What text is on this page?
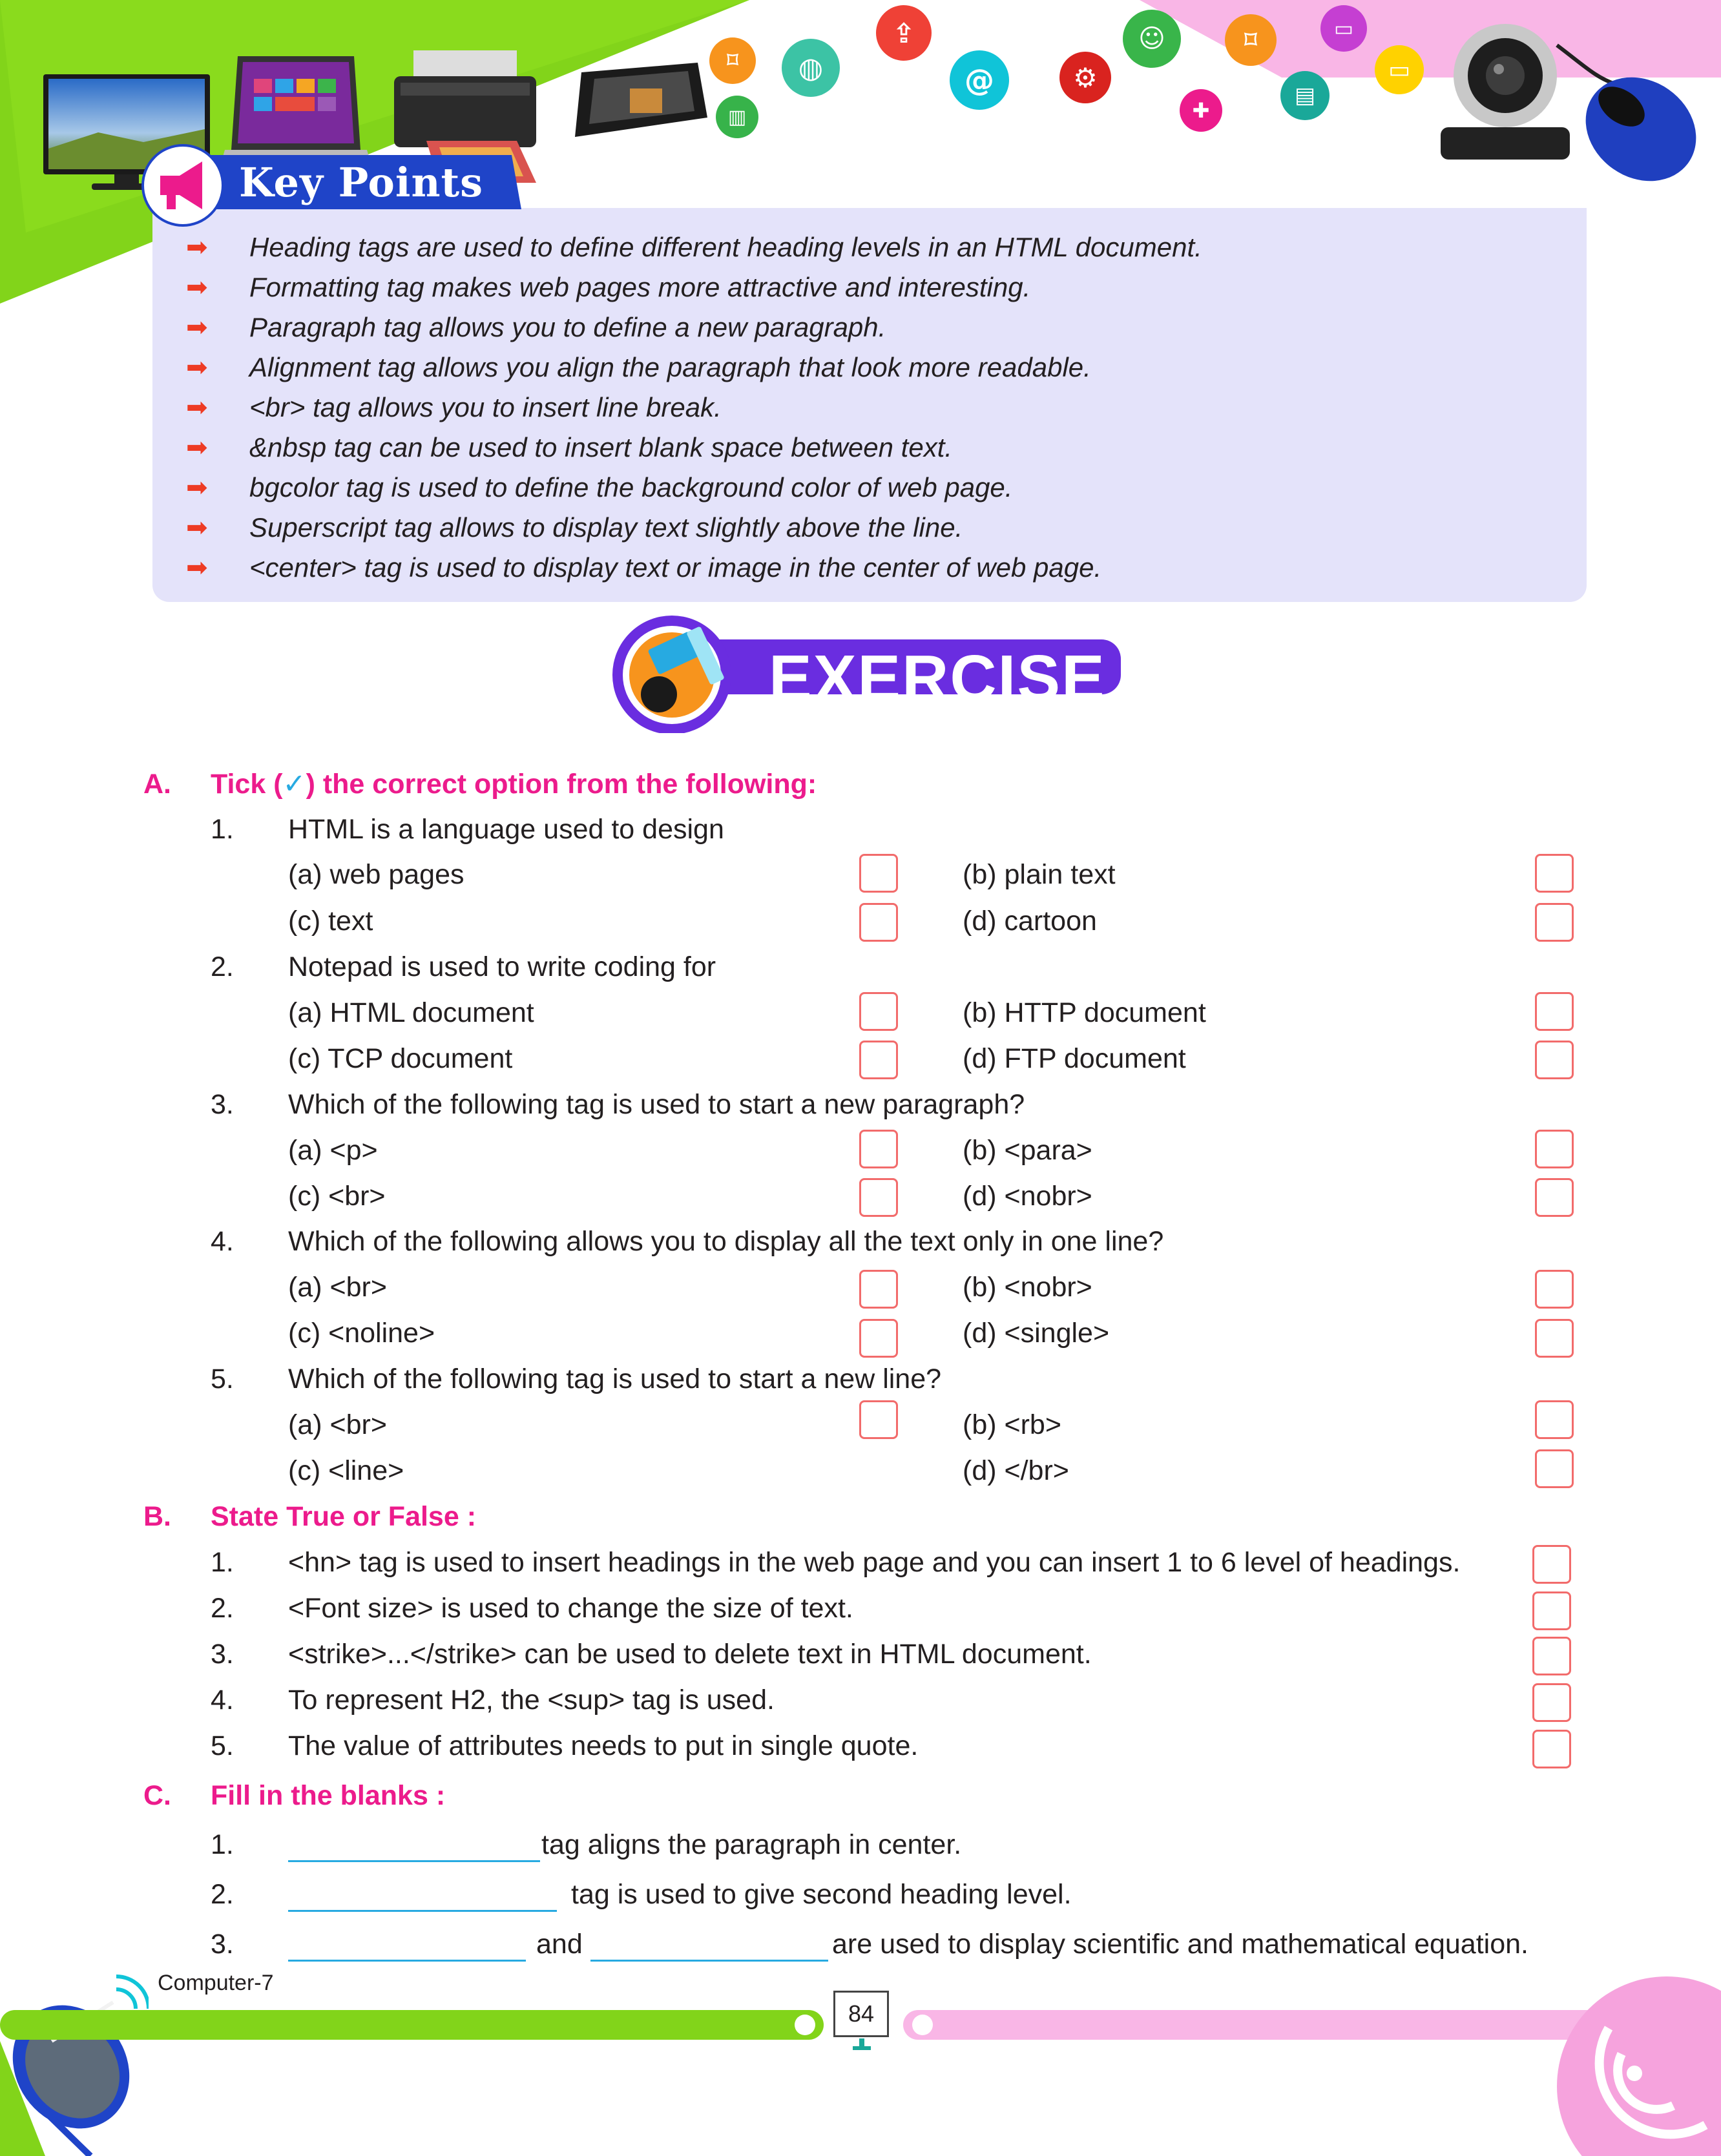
⌑
▥
◍
⇪
@	⚙
☺
✚
⌑
▤
▭
▭
➡ Heading tags are used to define different heading levels in an HTML document.
➡ Formatting tag makes web pages more attractive and interesting.
➡ Paragraph tag allows you to define a new paragraph.
➡ Alignment tag allows you align the paragraph that look more readable.
➡ <br> tag allows you to insert line break.
➡ &nbsp tag can be used to insert blank space between text.
➡ bgcolor tag is used to define the background color of web page.
➡ Superscript tag allows to display text slightly above the line.
➡ <center> tag is used to display text or image in the center of web page.
Key Points
EXERCISE
A. Tick (✓) the correct option from the following:
1. HTML is a language used to design
(a) web pages	(b) plain text
(c) text	(d) cartoon
2. Notepad is used to write coding for
(a) HTML document	(b) HTTP document
(c) TCP document	(d) FTP document
3. Which of the following tag is used to start a new paragraph?
(a) <p>	(b) <para>
(c) <br>	(d) <nobr>
4. Which of the following allows you to display all the text only in one line?
(a) <br>	(b) <nobr>
(c) <noline>	(d) <single>
5. Which of the following tag is used to start a new line?
(a) <br>	(b) <rb>
(c) <line>	(d) </br>
B. State True or False :
1. <hn> tag is used to insert headings in the web page and you can insert 1 to 6 level of headings.
2. <Font size> is used to change the size of text.
3. <strike>...</strike> can be used to delete text in HTML document.
4. To represent H2, the <sup> tag is used.
5. The value of attributes needs to put in single quote.
C. Fill in the blanks :
1.	tag aligns the paragraph in center.
2.	tag is used to give second heading level.
3.	and	are used to display scientific and mathematical equation.
Computer-7
84
